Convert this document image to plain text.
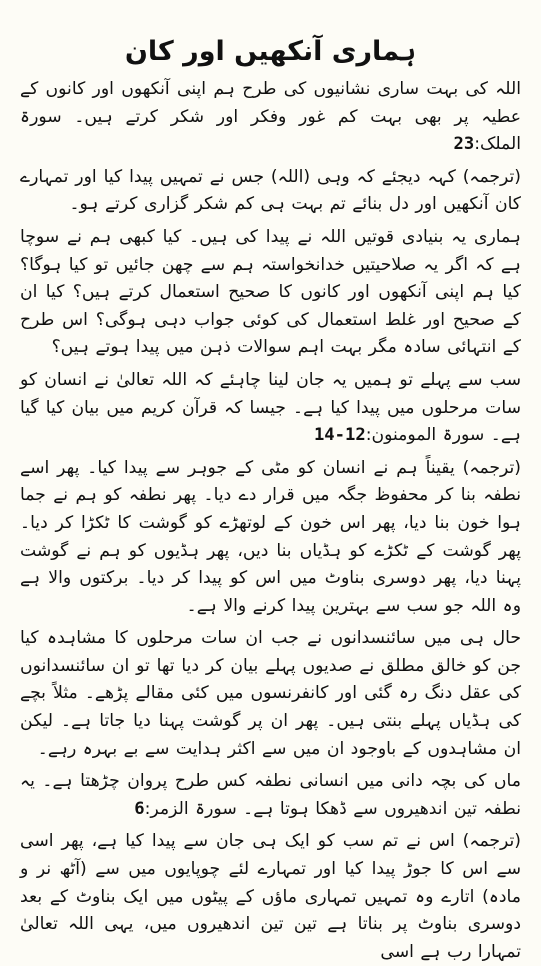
ہماری آنکھیں اور کان

اللہ کی بہت ساری نشانیوں کی طرح ہم اپنی آنکھوں اور کانوں کے عطیہ پر بھی بہت کم غور وفکر اور شکر کرتے ہیں۔ سورۃ الملک:23

(ترجمہ) کہہ دیجئے کہ وہی (اللہ) جس نے تمہیں پیدا کیا اور تمہارے کان آنکھیں اور دل بنائے تم بہت ہی کم شکر گزاری کرتے ہو۔

ہماری یہ بنیادی قوتیں اللہ نے پیدا کی ہیں۔ کیا کبھی ہم نے سوچا ہے کہ اگر یہ صلاحیتیں خدانخواستہ ہم سے چھن جائیں تو کیا ہوگا؟ کیا ہم اپنی آنکھوں اور کانوں کا صحیح استعمال کرتے ہیں؟ کیا ان کے صحیح اور غلط استعمال کی کوئی جواب دہی ہوگی؟ اس طرح کے انتہائی سادہ مگر بہت اہم سوالات ذہن میں پیدا ہوتے ہیں؟

سب سے پہلے تو ہمیں یہ جان لینا چاہئے کہ اللہ تعالیٰ نے انسان کو سات مرحلوں میں پیدا کیا ہے۔ جیسا کہ قرآن کریم میں بیان کیا گیا ہے۔ سورۃ المومنون:14-12

(ترجمہ) یقیناً ہم نے انسان کو مٹی کے جوہر سے پیدا کیا۔ پھر اسے نطفہ بنا کر محفوظ جگہ میں قرار دے دیا۔ پھر نطفہ کو ہم نے جما ہوا خون بنا دیا، پھر اس خون کے لوتھڑے کو گوشت کا ٹکڑا کر دیا۔ پھر گوشت کے ٹکڑے کو ہڈیاں بنا دیں، پھر ہڈیوں کو ہم نے گوشت پہنا دیا، پھر دوسری بناوٹ میں اس کو پیدا کر دیا۔ برکتوں والا ہے وہ اللہ جو سب سے بہترین پیدا کرنے والا ہے۔

حال ہی میں سائنسدانوں نے جب ان سات مرحلوں کا مشاہدہ کیا جن کو خالق مطلق نے صدیوں پہلے بیان کر دیا تھا تو ان سائنسدانوں کی عقل دنگ رہ گئی اور کانفرنسوں میں کئی مقالے پڑھے۔ مثلاً بچے کی ہڈیاں پہلے بنتی ہیں۔ پھر ان پر گوشت پہنا دیا جاتا ہے۔ لیکن ان مشاہدوں کے باوجود ان میں سے اکثر ہدایت سے بے بہرہ رہے۔

ماں کی بچہ دانی میں انسانی نطفہ کس طرح پروان چڑھتا ہے۔ یہ نطفہ تین اندھیروں سے ڈھکا ہوتا ہے۔ سورۃ الزمر:6

(ترجمہ) اس نے تم سب کو ایک ہی جان سے پیدا کیا ہے، پھر اسی سے اس کا جوڑ پیدا کیا اور تمہارے لئے چوپایوں میں سے (آٹھ نر و مادہ) اتارے وہ تمہیں تمہاری ماؤں کے پیٹوں میں ایک بناوٹ کے بعد دوسری بناوٹ پر بناتا ہے تین تین اندھیروں میں، یہی اللہ تعالیٰ تمہارا رب ہے اسی
